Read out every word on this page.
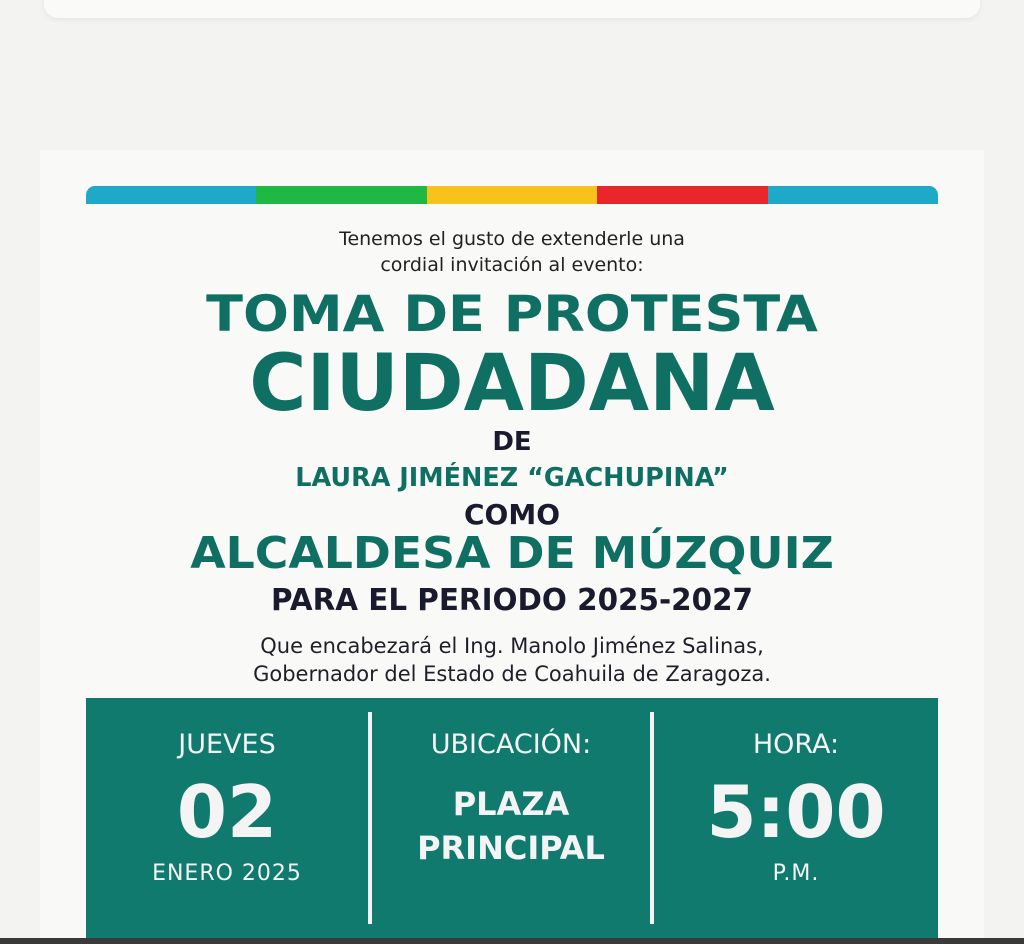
Tenemos el gusto de extenderle una
cordial invitación al evento:
TOMA DE PROTESTA
CIUDADANA
DE
LAURA JIMÉNEZ “GACHUPINA”
COMO
ALCALDESA DE MÚZQUIZ
PARA EL PERIODO 2025-2027
Que encabezará el Ing. Manolo Jiménez Salinas,
Gobernador del Estado de Coahuila de Zaragoza.
JUEVES
02
ENERO 2025
UBICACIÓN:
PLAZA
PRINCIPAL
HORA:
5:00
P.M.
